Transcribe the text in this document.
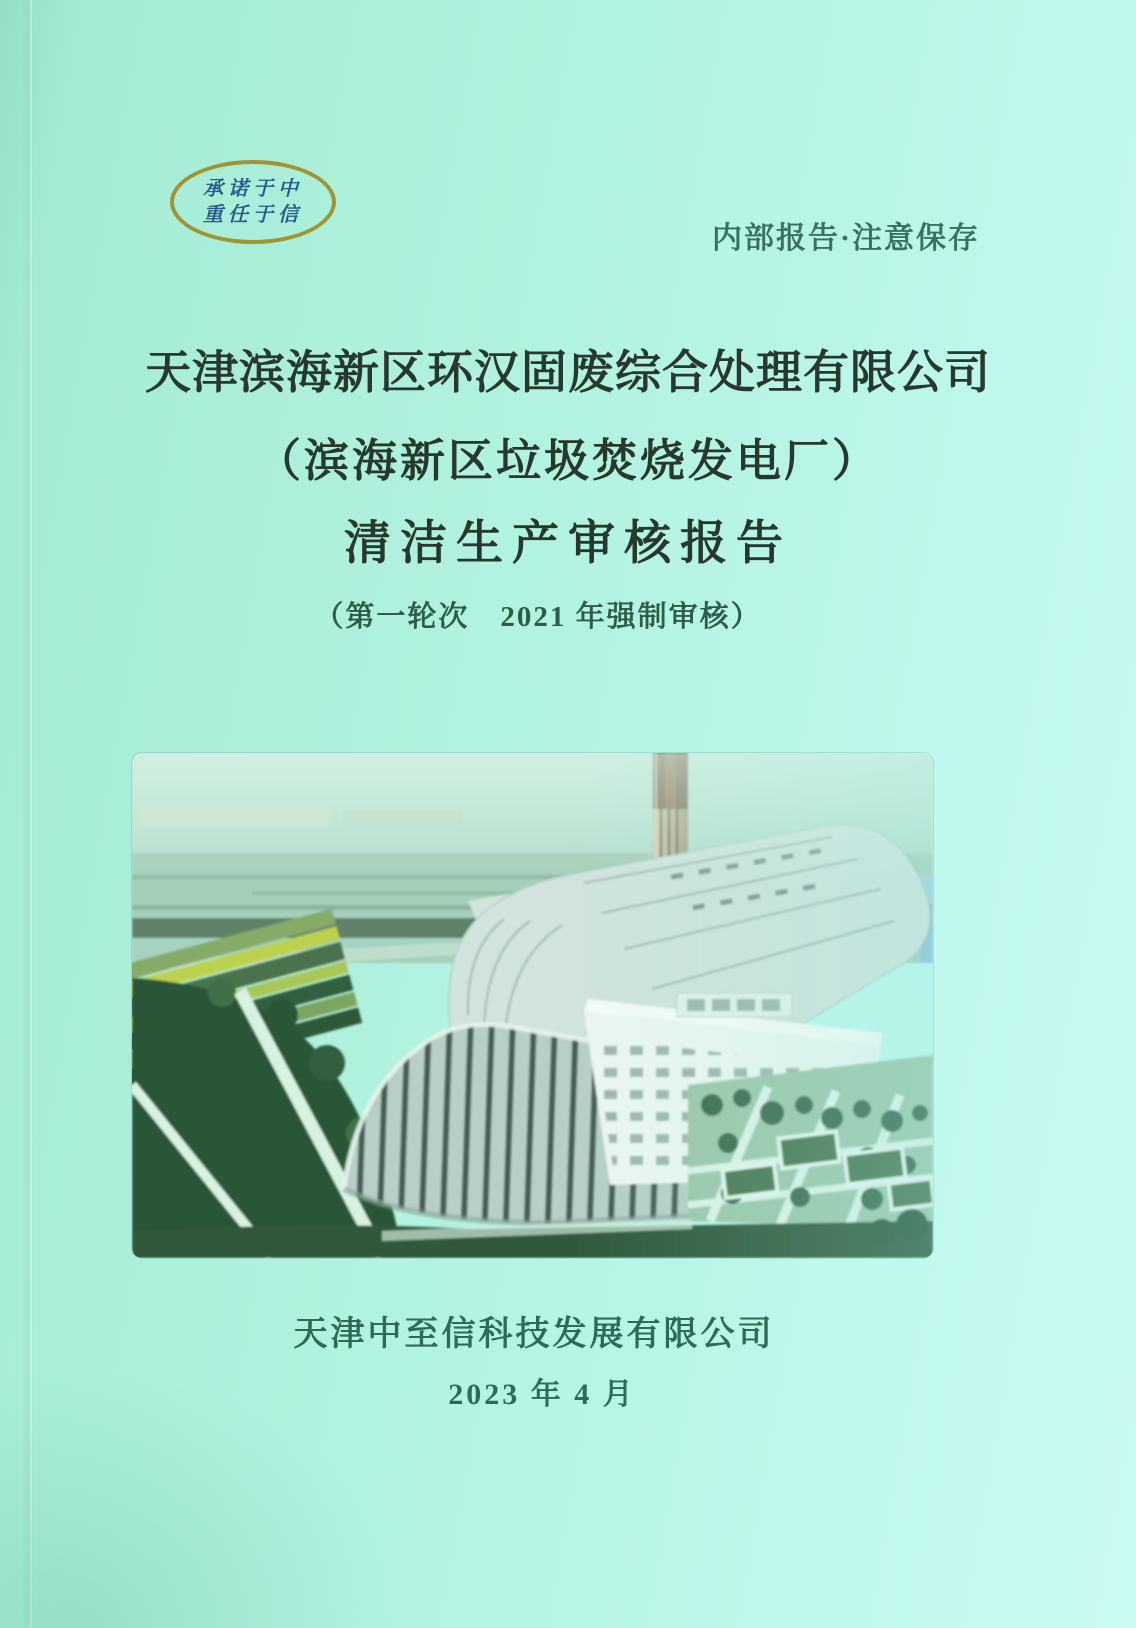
承诺于中
重任于信
内部报告·注意保存
天津滨海新区环汉固废综合处理有限公司
（滨海新区垃圾焚烧发电厂）
清洁生产审核报告
（第一轮次　2021 年强制审核）
天津中至信科技发展有限公司
2023 年 4 月
